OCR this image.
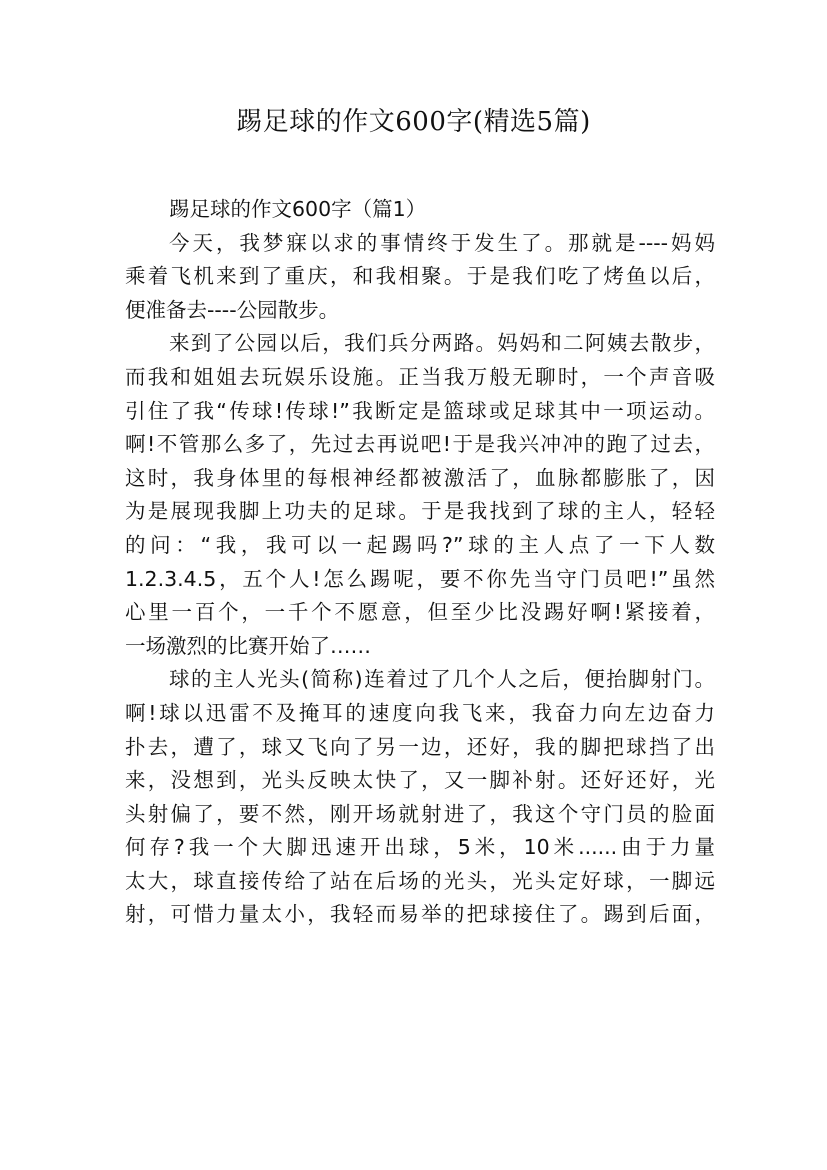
踢足球的作文600字(精选5篇)
踢足球的作文600字（篇1）
今天，我梦寐以求的事情终于发生了。那就是----妈妈
乘着飞机来到了重庆，和我相聚。于是我们吃了烤鱼以后，
便准备去----公园散步。
来到了公园以后，我们兵分两路。妈妈和二阿姨去散步，
而我和姐姐去玩娱乐设施。正当我万般无聊时，一个声音吸
引住了我“传球!传球!”我断定是篮球或足球其中一项运动。
啊!不管那么多了，先过去再说吧!于是我兴冲冲的跑了过去，
这时，我身体里的每根神经都被激活了，血脉都膨胀了，因
为是展现我脚上功夫的足球。于是我找到了球的主人，轻轻
的问：“我，我可以一起踢吗?”球的主人点了一下人数
1.2.3.4.5，五个人!怎么踢呢，要不你先当守门员吧!”虽然
心里一百个，一千个不愿意，但至少比没踢好啊!紧接着，
一场激烈的比赛开始了……
球的主人光头(简称)连着过了几个人之后，便抬脚射门。
啊!球以迅雷不及掩耳的速度向我飞来，我奋力向左边奋力
扑去，遭了，球又飞向了另一边，还好，我的脚把球挡了出
来，没想到，光头反映太快了，又一脚补射。还好还好，光
头射偏了，要不然，刚开场就射进了，我这个守门员的脸面
何存?我一个大脚迅速开出球，5米，10米......由于力量
太大，球直接传给了站在后场的光头，光头定好球，一脚远
射，可惜力量太小，我轻而易举的把球接住了。踢到后面，
